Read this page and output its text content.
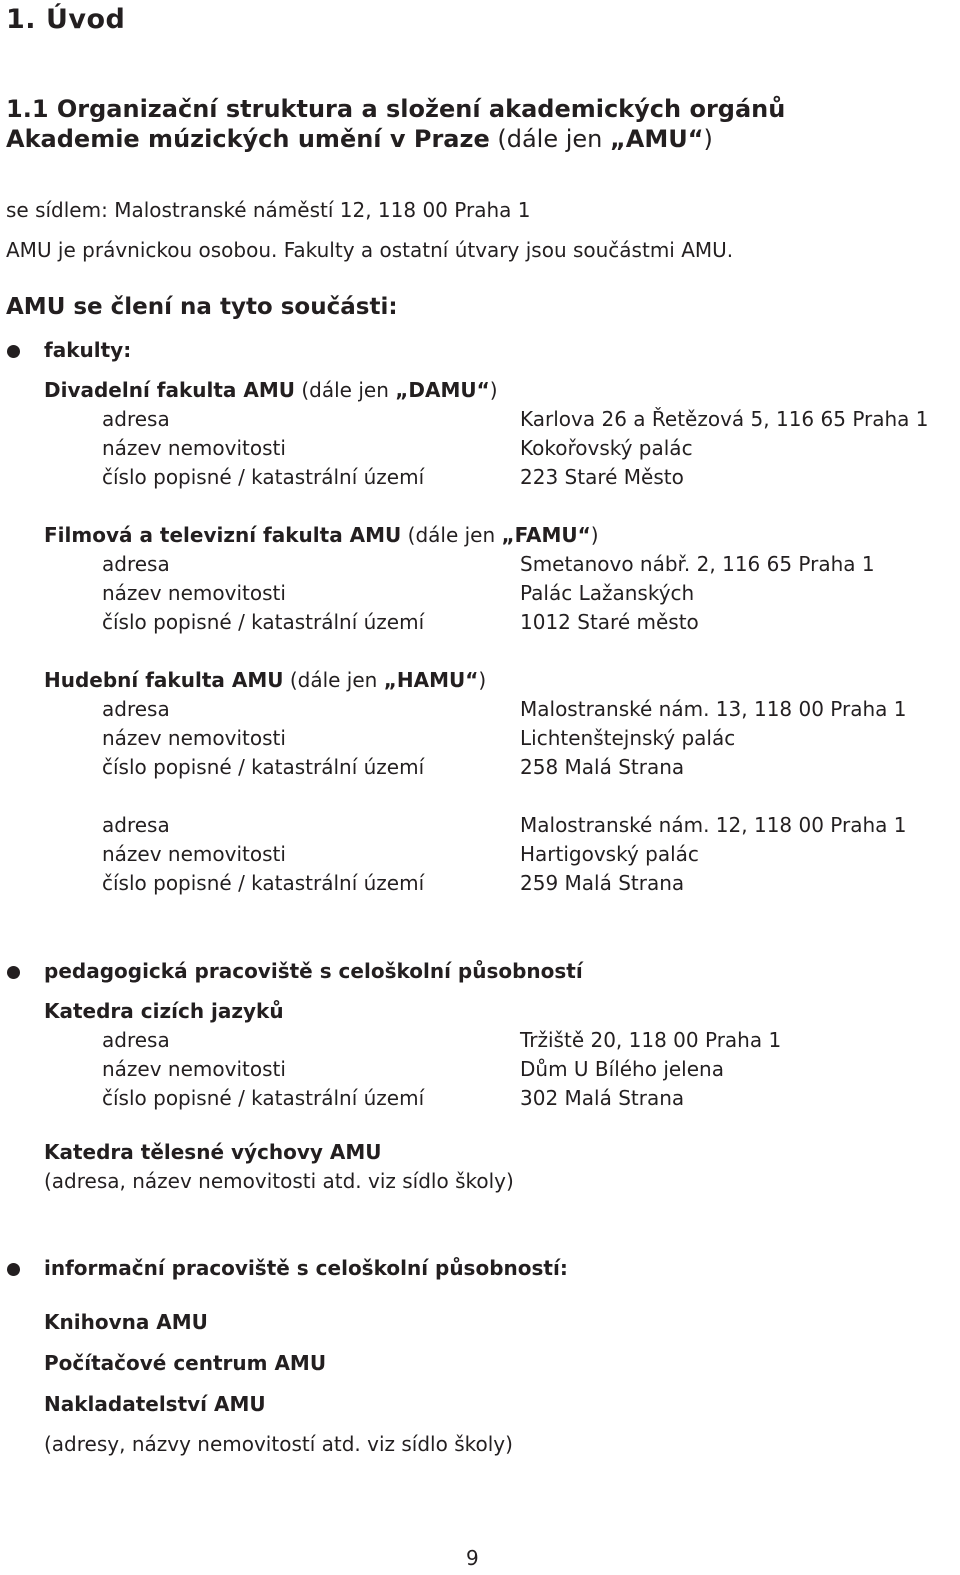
1. Úvod
1.1 Organizační struktura a složení akademických orgánů
Akademie múzických umění v Praze (dále jen „AMU“)
se sídlem: Malostranské náměstí 12, 118 00 Praha 1
AMU je právnickou osobou. Fakulty a ostatní útvary jsou součástmi AMU.
AMU se člení na tyto součásti:
fakulty:
Divadelní fakulta AMU (dále jen „DAMU“)
adresa	Karlova 26 a Řetězová 5, 116 65 Praha 1
název nemovitosti	Kokořovský palác
číslo popisné / katastrální území	223 Staré Město
Filmová a televizní fakulta AMU (dále jen „FAMU“)
adresa	Smetanovo nábř. 2, 116 65 Praha 1
název nemovitosti	Palác Lažanských
číslo popisné / katastrální území	1012 Staré město
Hudební fakulta AMU (dále jen „HAMU“)
adresa	Malostranské nám. 13, 118 00 Praha 1
název nemovitosti	Lichtenštejnský palác
číslo popisné / katastrální území	258 Malá Strana
adresa	Malostranské nám. 12, 118 00 Praha 1
název nemovitosti	Hartigovský palác
číslo popisné / katastrální území	259 Malá Strana
pedagogická pracoviště s celoškolní působností
Katedra cizích jazyků
adresa	Tržiště 20, 118 00 Praha 1
název nemovitosti	Dům U Bílého jelena
číslo popisné / katastrální území	302 Malá Strana
Katedra tělesné výchovy AMU
(adresa, název nemovitosti atd. viz sídlo školy)
informační pracoviště s celoškolní působností:
Knihovna AMU
Počítačové centrum AMU
Nakladatelství AMU
(adresy, názvy nemovitostí atd. viz sídlo školy)
9
